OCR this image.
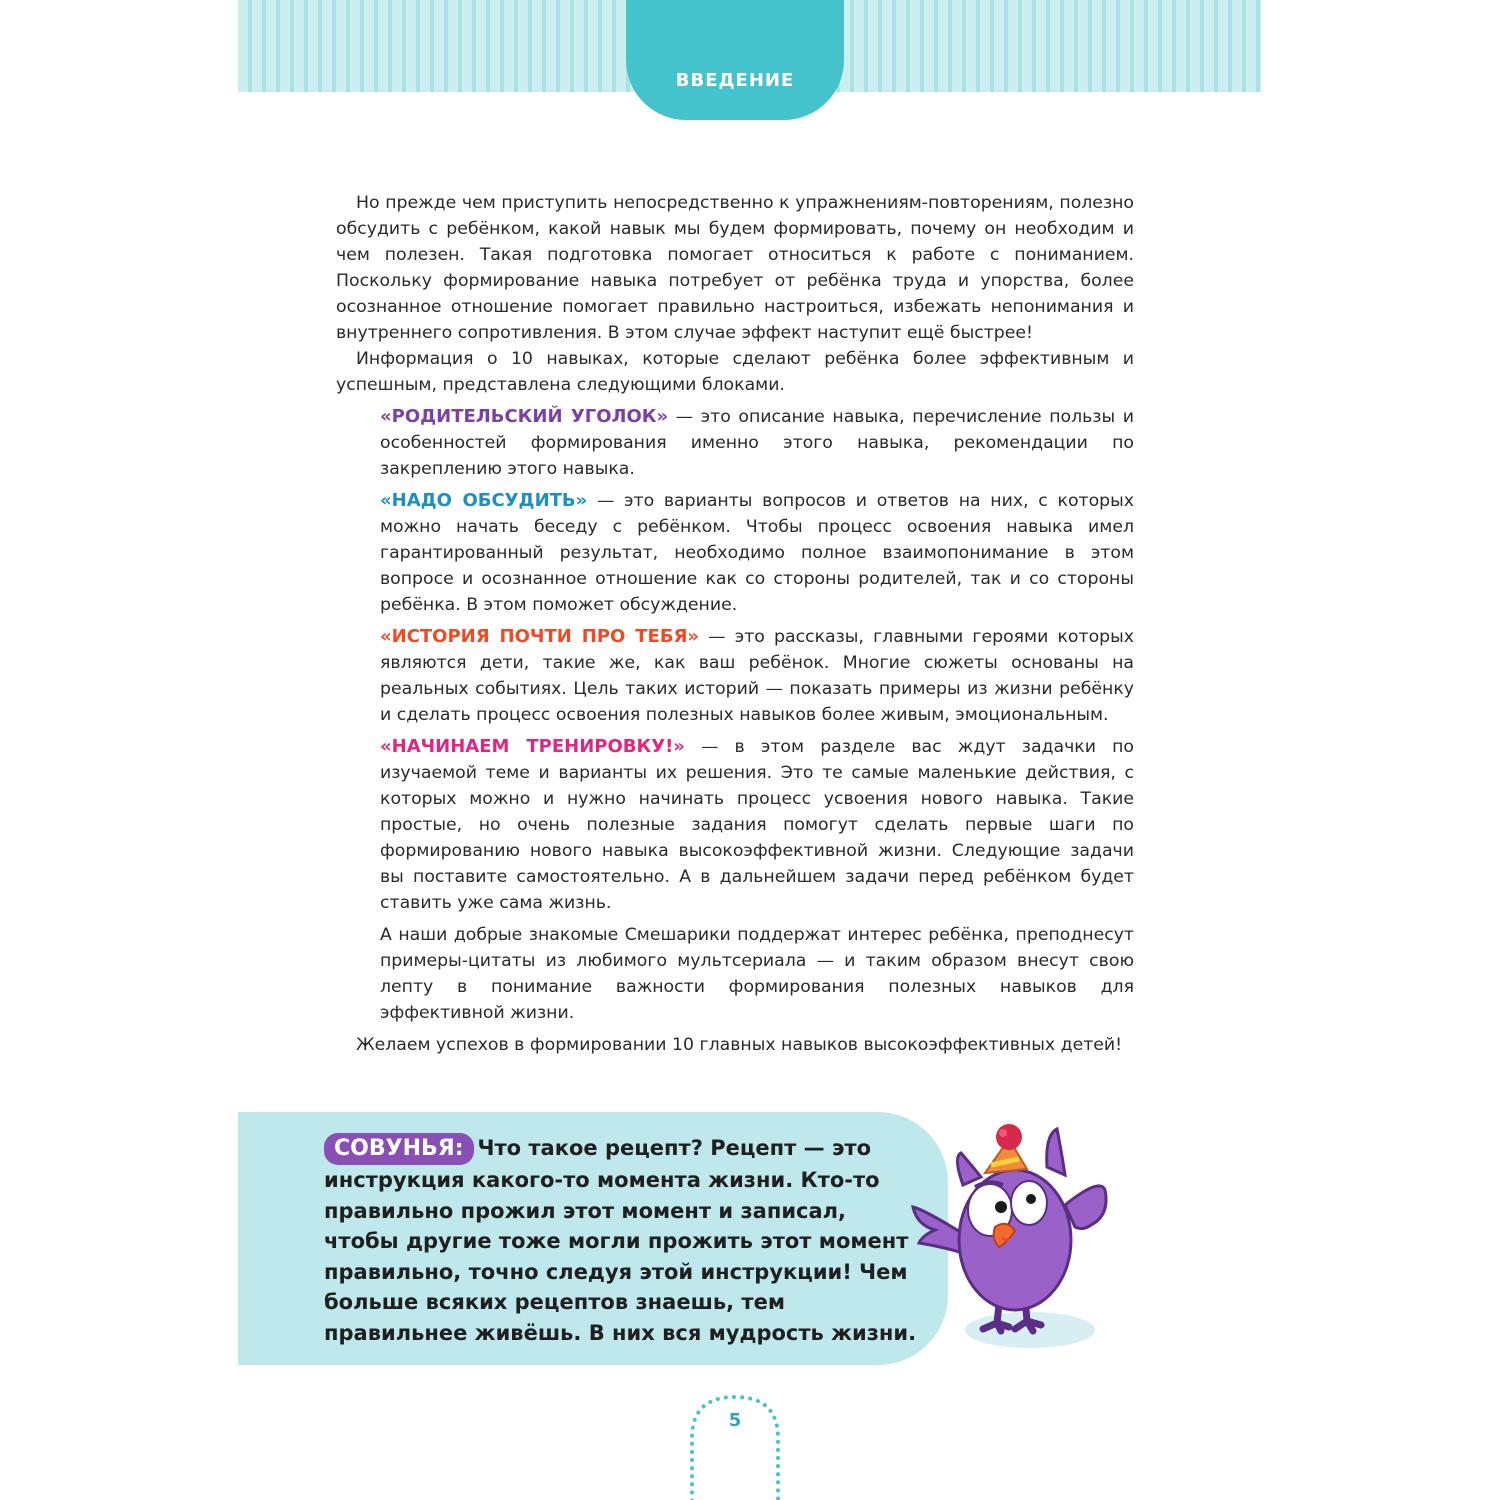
ВВЕДЕНИЕ

Но прежде чем приступить непосредственно к упражнениям-повторениям, полезно обсудить с ребёнком, какой навык мы будем формировать, почему он необходим и чем полезен. Такая подготовка помогает относиться к работе с пониманием. Поскольку формирование навыка потребует от ребёнка труда и упорства, более осознанное отношение помогает правильно настроиться, избежать непонимания и внутреннего сопротивления. В этом случае эффект наступит ещё быстрее!

Информация о 10 навыках, которые сделают ребёнка более эффективным и успешным, представлена следующими блоками.

«РОДИТЕЛЬСКИЙ УГОЛОК» — это описание навыка, перечисление пользы и особенностей формирования именно этого навыка, рекомендации по закреплению этого навыка.

«НАДО ОБСУДИТЬ» — это варианты вопросов и ответов на них, с которых можно начать беседу с ребёнком. Чтобы процесс освоения навыка имел гарантированный результат, необходимо полное взаимопонимание в этом вопросе и осознанное отношение как со стороны родителей, так и со стороны ребёнка. В этом поможет обсуждение.

«ИСТОРИЯ ПОЧТИ ПРО ТЕБЯ» — это рассказы, главными героями которых являются дети, такие же, как ваш ребёнок. Многие сюжеты основаны на реальных событиях. Цель таких историй — показать примеры из жизни ребёнку и сделать процесс освоения полезных навыков более живым, эмоциональным.

«НАЧИНАЕМ ТРЕНИРОВКУ!» — в этом разделе вас ждут задачки по изучаемой теме и варианты их решения. Это те самые маленькие действия, с которых можно и нужно начинать процесс усвоения нового навыка. Такие простые, но очень полезные задания помогут сделать первые шаги по формированию нового навыка высокоэффективной жизни. Следующие задачи вы поставите самостоятельно. А в дальнейшем задачи перед ребёнком будет ставить уже сама жизнь.

А наши добрые знакомые Смешарики поддержат интерес ребёнка, преподнесут примеры-цитаты из любимого мультсериала — и таким образом внесут свою лепту в понимание важности формирования полезных навыков для эффективной жизни.

Желаем успехов в формировании 10 главных навыков высокоэффективных детей!

СОВУНЬЯ: Что такое рецепт? Рецепт — это инструкция какого-то момента жизни. Кто-то правильно прожил этот момент и записал, чтобы другие тоже могли прожить этот момент правильно, точно следуя этой инструкции! Чем больше всяких рецептов знаешь, тем правильнее живёшь. В них вся мудрость жизни.
5
